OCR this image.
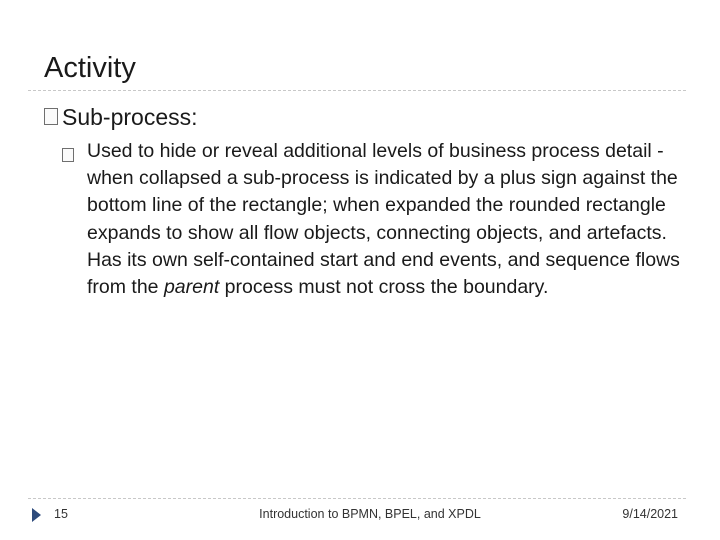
Activity
Sub-process:
Used to hide or reveal additional levels of business process detail - when collapsed a sub-process is indicated by a plus sign against the bottom line of the rectangle; when expanded the rounded rectangle expands to show all flow objects, connecting objects, and artefacts. Has its own self-contained start and end events, and sequence flows from the parent process must not cross the boundary.
15	Introduction to BPMN, BPEL, and XPDL	9/14/2021
